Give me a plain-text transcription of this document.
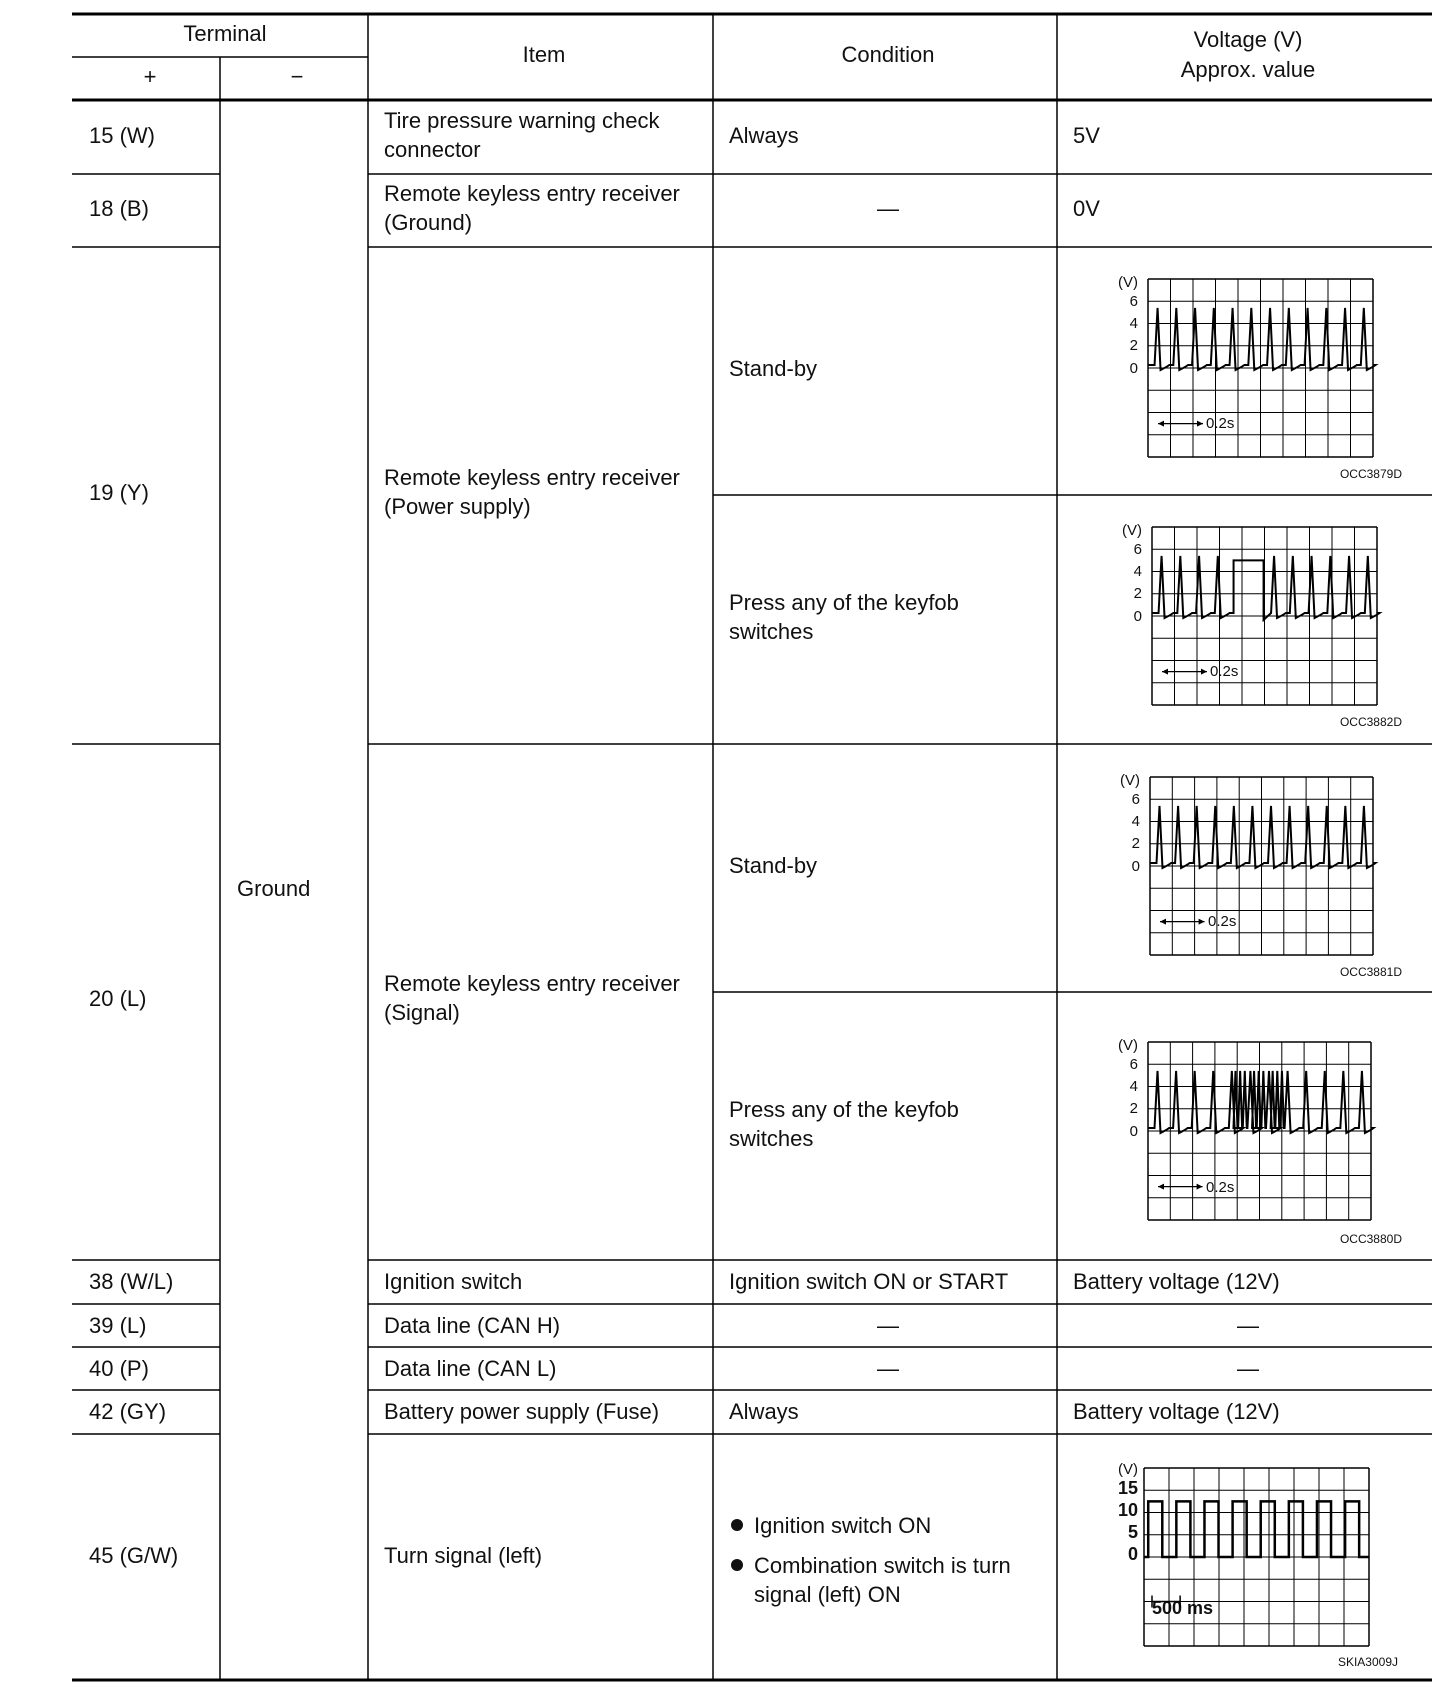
Terminal
+	−
Item	Condition
Voltage (V)
Approx. value
Ground
15 (W)
18 (B)
19 (Y)
20 (L)
38 (W/L)
39 (L)
40 (P)
42 (GY)
45 (G/W)
Tire pressure warning check
connector
Remote keyless entry receiver
(Ground)
Remote keyless entry receiver
(Power supply)
Remote keyless entry receiver
(Signal)
Ignition switch
Data line (CAN H)
Data line (CAN L)
Battery power supply (Fuse)
Turn signal (left)
Always
—
Stand-by
Press any of the keyfob
switches
Stand-by
Press any of the keyfob
switches
Ignition switch ON or START
—
—
Always
Ignition switch ON
Combination switch is turn
signal (left) ON
5V
0V
Battery voltage (12V)
—
—
Battery voltage (12V)
(V)
6
4
2
0
0.2s
OCC3879D
(V)
6
4
2
0
0.2s
OCC3882D
(V)
6
4
2
0
0.2s
OCC3881D
(V)
6
4
2
0
0.2s
OCC3880D
(V)
15
10
5
0
500 ms
SKIA3009J
